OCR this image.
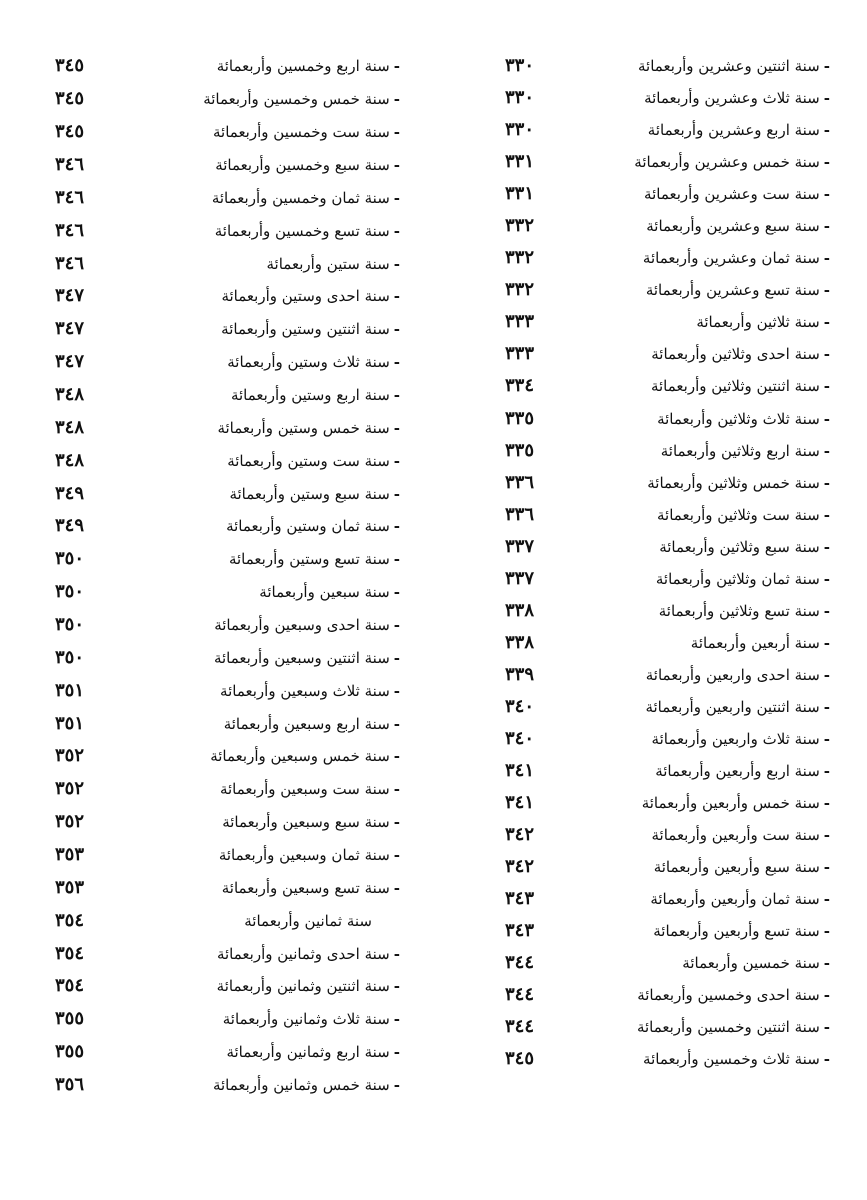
-
سنة اثنتين وعشرين وأربعمائة
٣٣٠
-
سنة ثلاث وعشرين وأربعمائة
٣٣٠
-
سنة اربع وعشرين وأربعمائة
٣٣٠
-
سنة خمس وعشرين وأربعمائة
٣٣١
-
سنة ست وعشرين وأربعمائة
٣٣١
-
سنة سبع وعشرين وأربعمائة
٣٣٢
-
سنة ثمان وعشرين وأربعمائة
٣٣٢
-
سنة تسع وعشرين وأربعمائة
٣٣٢
-
سنة ثلاثين وأربعمائة
٣٣٣
-
سنة احدى وثلاثين وأربعمائة
٣٣٣
-
سنة اثنتين وثلاثين وأربعمائة
٣٣٤
-
سنة ثلاث وثلاثين وأربعمائة
٣٣٥
-
سنة اربع وثلاثين وأربعمائة
٣٣٥
-
سنة خمس وثلاثين وأربعمائة
٣٣٦
-
سنة ست وثلاثين وأربعمائة
٣٣٦
-
سنة سبع وثلاثين وأربعمائة
٣٣٧
-
سنة ثمان وثلاثين وأربعمائة
٣٣٧
-
سنة تسع وثلاثين وأربعمائة
٣٣٨
-
سنة أربعين وأربعمائة
٣٣٨
-
سنة احدى واربعين وأربعمائة
٣٣٩
-
سنة اثنتين واربعين وأربعمائة
٣٤٠
-
سنة ثلاث واربعين وأربعمائة
٣٤٠
-
سنة اربع وأربعين وأربعمائة
٣٤١
-
سنة خمس وأربعين وأربعمائة
٣٤١
-
سنة ست وأربعين وأربعمائة
٣٤٢
-
سنة سبع وأربعين وأربعمائة
٣٤٢
-
سنة ثمان وأربعين وأربعمائة
٣٤٣
-
سنة تسع وأربعين وأربعمائة
٣٤٣
-
سنة خمسين وأربعمائة
٣٤٤
-
سنة احدى وخمسين وأربعمائة
٣٤٤
-
سنة اثنتين وخمسين وأربعمائة
٣٤٤
-
سنة ثلاث وخمسين وأربعمائة
٣٤٥
-
سنة اربع وخمسين وأربعمائة
٣٤٥
-
سنة خمس وخمسين وأربعمائة
٣٤٥
-
سنة ست وخمسين وأربعمائة
٣٤٥
-
سنة سبع وخمسين وأربعمائة
٣٤٦
-
سنة ثمان وخمسين وأربعمائة
٣٤٦
-
سنة تسع وخمسين وأربعمائة
٣٤٦
-
سنة ستين وأربعمائة
٣٤٦
-
سنة احدى وستين وأربعمائة
٣٤٧
-
سنة اثنتين وستين وأربعمائة
٣٤٧
-
سنة ثلاث وستين وأربعمائة
٣٤٧
-
سنة اربع وستين وأربعمائة
٣٤٨
-
سنة خمس وستين وأربعمائة
٣٤٨
-
سنة ست وستين وأربعمائة
٣٤٨
-
سنة سبع وستين وأربعمائة
٣٤٩
-
سنة ثمان وستين وأربعمائة
٣٤٩
-
سنة تسع وستين وأربعمائة
٣٥٠
-
سنة سبعين وأربعمائة
٣٥٠
-
سنة احدى وسبعين وأربعمائة
٣٥٠
-
سنة اثنتين وسبعين وأربعمائة
٣٥٠
-
سنة ثلاث وسبعين وأربعمائة
٣٥١
-
سنة اربع وسبعين وأربعمائة
٣٥١
-
سنة خمس وسبعين وأربعمائة
٣٥٢
-
سنة ست وسبعين وأربعمائة
٣٥٢
-
سنة سبع وسبعين وأربعمائة
٣٥٢
-
سنة ثمان وسبعين وأربعمائة
٣٥٣
-
سنة تسع وسبعين وأربعمائة
٣٥٣
سنة ثمانين وأربعمائة
٣٥٤
-
سنة احدى وثمانين وأربعمائة
٣٥٤
-
سنة اثنتين وثمانين وأربعمائة
٣٥٤
-
سنة ثلاث وثمانين وأربعمائة
٣٥٥
-
سنة اربع وثمانين وأربعمائة
٣٥٥
-
سنة خمس وثمانين وأربعمائة
٣٥٦
